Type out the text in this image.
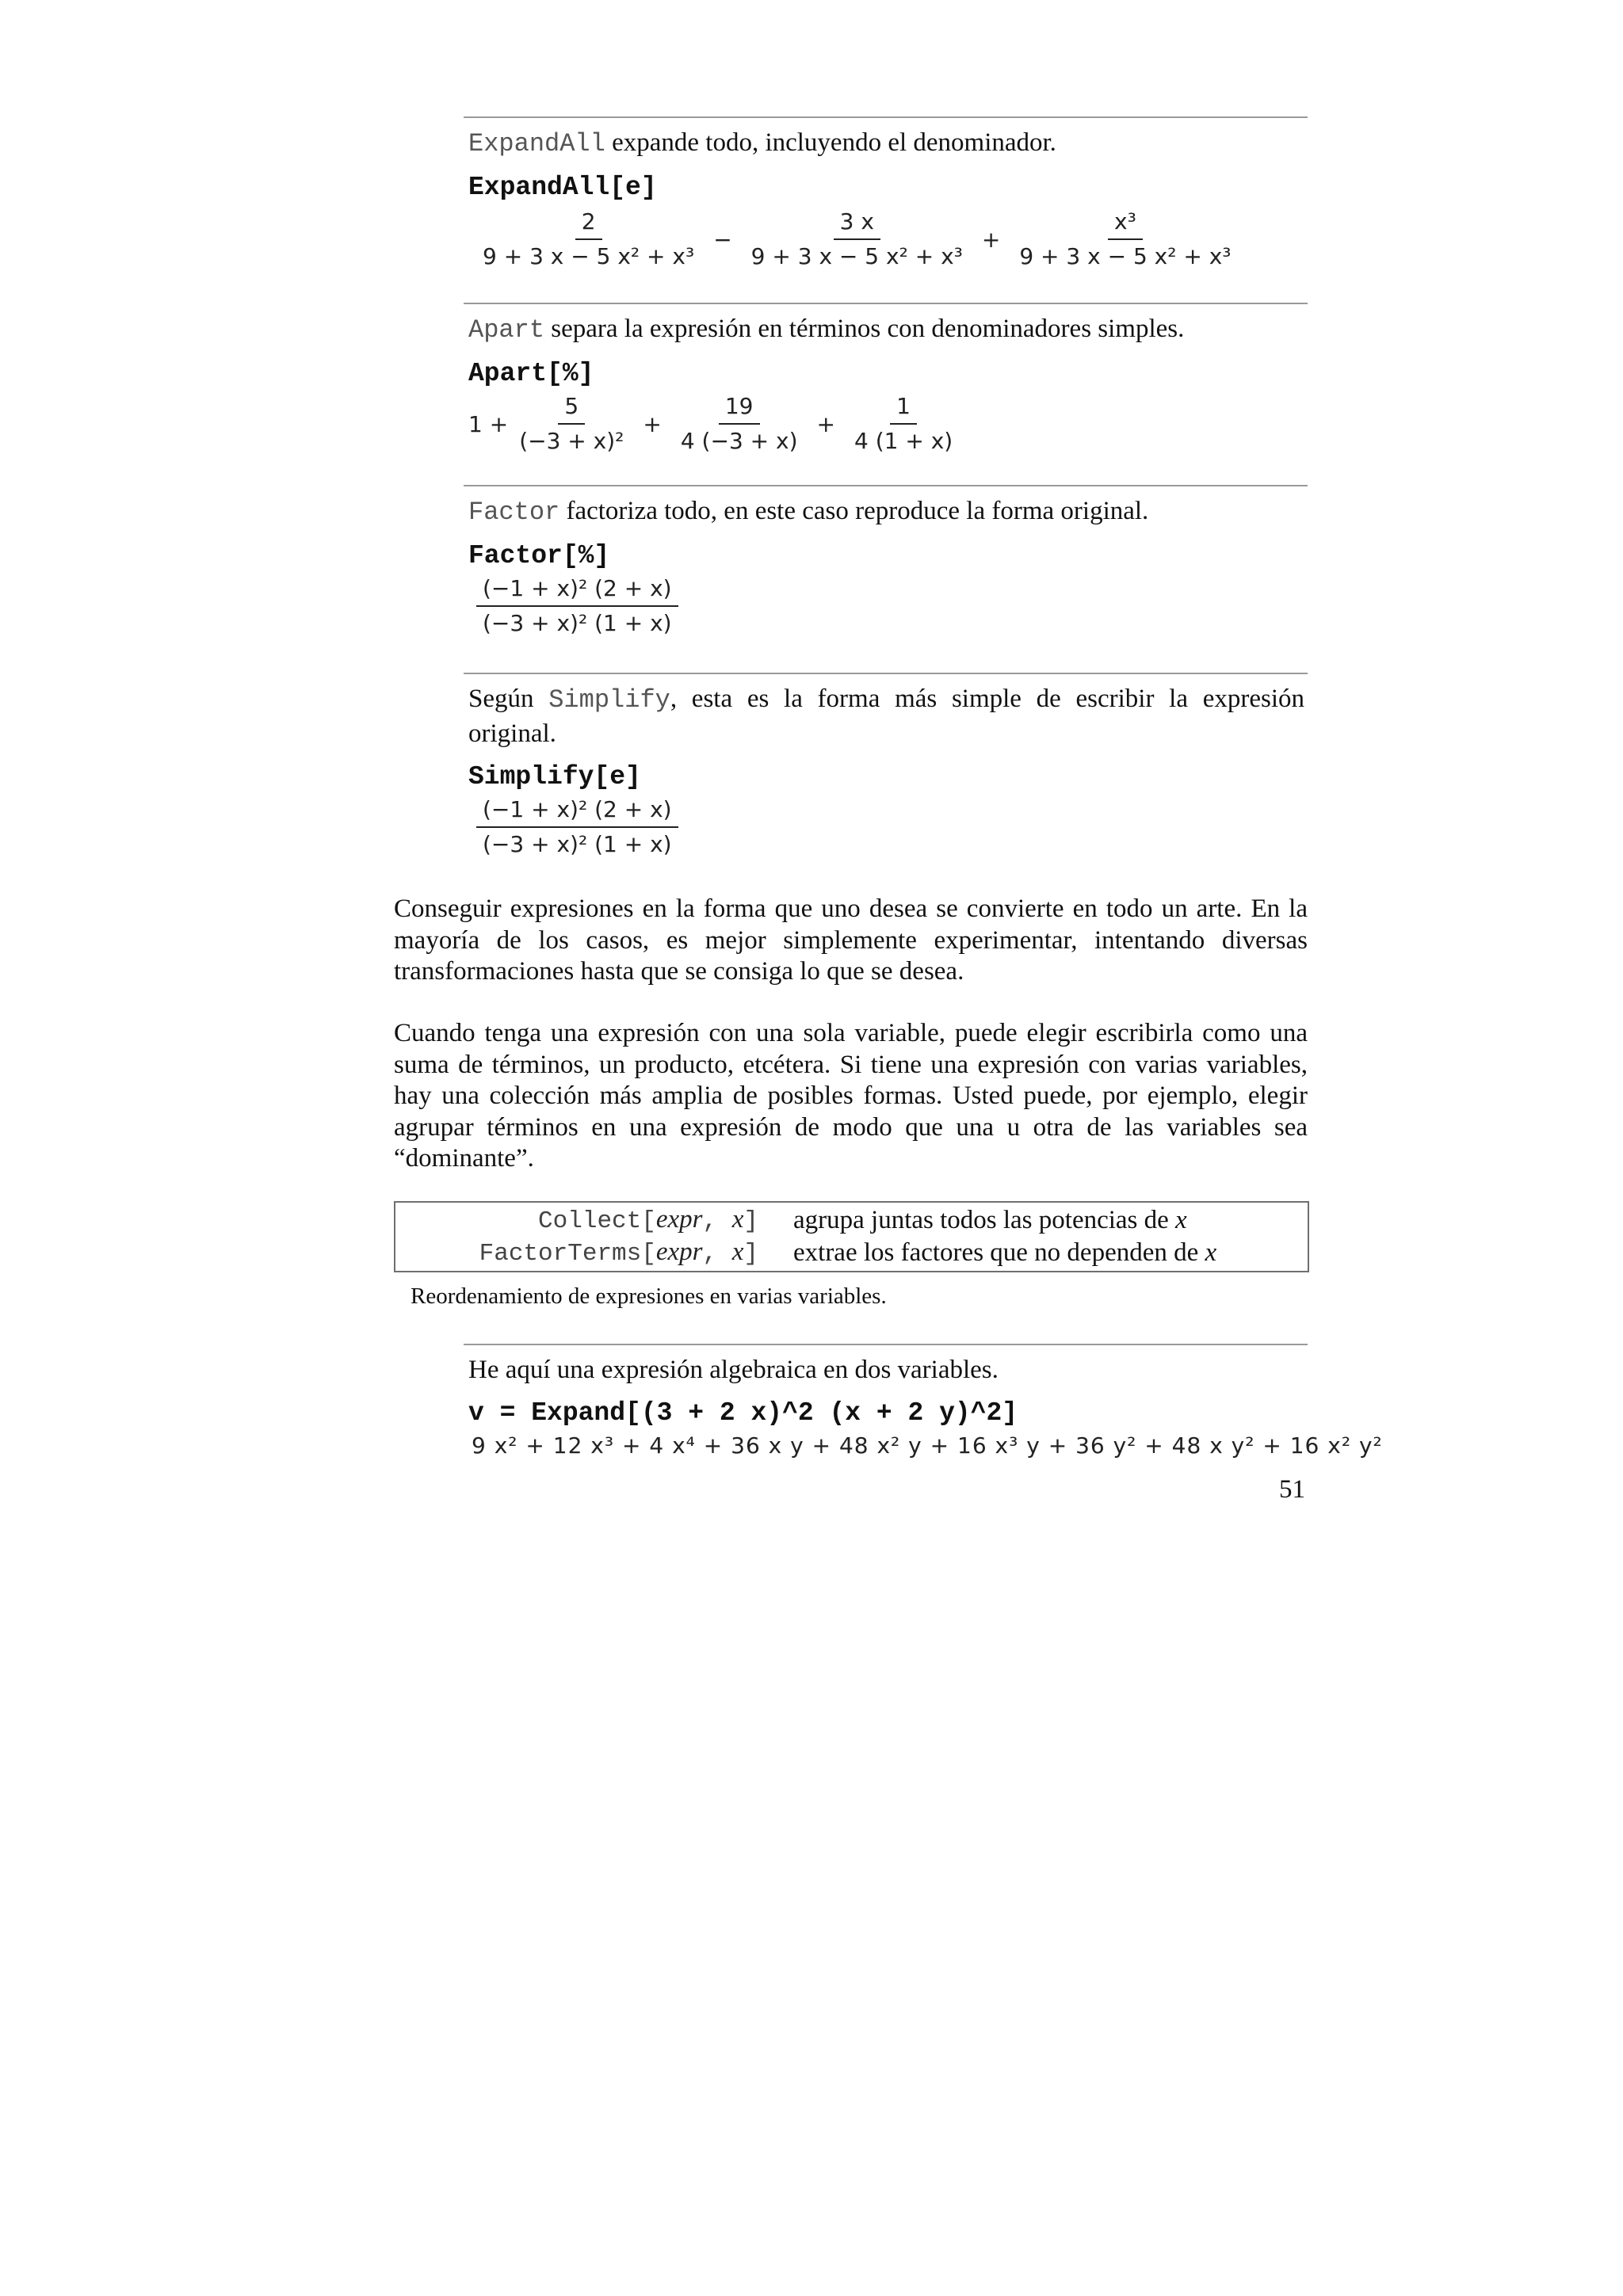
ExpandAll expande todo, incluyendo el denominador.
ExpandAll[e]
$\frac{2}{\text{9 + 3 x − 5 x² + x³}} - \frac{3 x}{\text{9 + 3 x − 5 x² + x³}} + \frac{\text{x³}}{\text{9 + 3 x − 5 x² + x³}}$
Apart separa la expresión en términos con denominadores simples.
Apart[%]
$1 + \frac{5}{\text{(−3 + x)²}} + \frac{19}{4 (-3 + x)} + \frac{1}{4 (1 + x)}$
Factor factoriza todo, en este caso reproduce la forma original.
Factor[%]
$\frac{\text{(−1 + x)² (2 + x)}}{\text{(−3 + x)² (1 + x)}}$
Según Simplify, esta es la forma más simple de escribir la expresión original.
Simplify[e]
$\frac{\text{(−1 + x)² (2 + x)}}{\text{(−3 + x)² (1 + x)}}$
Conseguir expresiones en la forma que uno desea se convierte en todo un arte. En la mayoría de los casos, es mejor simplemente experimentar, intentando diversas transformaciones hasta que se consiga lo que se desea.
Cuando tenga una expresión con una sola variable, puede elegir escribirla como una suma de términos, un producto, etcétera. Si tiene una expresión con varias variables, hay una colección más amplia de posibles formas. Usted puede, por ejemplo, elegir agrupar términos en una expresión de modo que una u otra de las variables sea “dominante”.
Collect[expr, x] agrupa juntas todos las potencias de x
FactorTerms[expr, x] extrae los factores que no dependen de x
Reordenamiento de expresiones en varias variables.
He aquí una expresión algebraica en dos variables.
v = Expand[(3 + 2 x)^2 (x + 2 y)^2]
9 x² + 12 x³ + 4 x⁴ + 36 x y + 48 x² y + 16 x³ y + 36 y² + 48 x y² + 16 x² y²
51
